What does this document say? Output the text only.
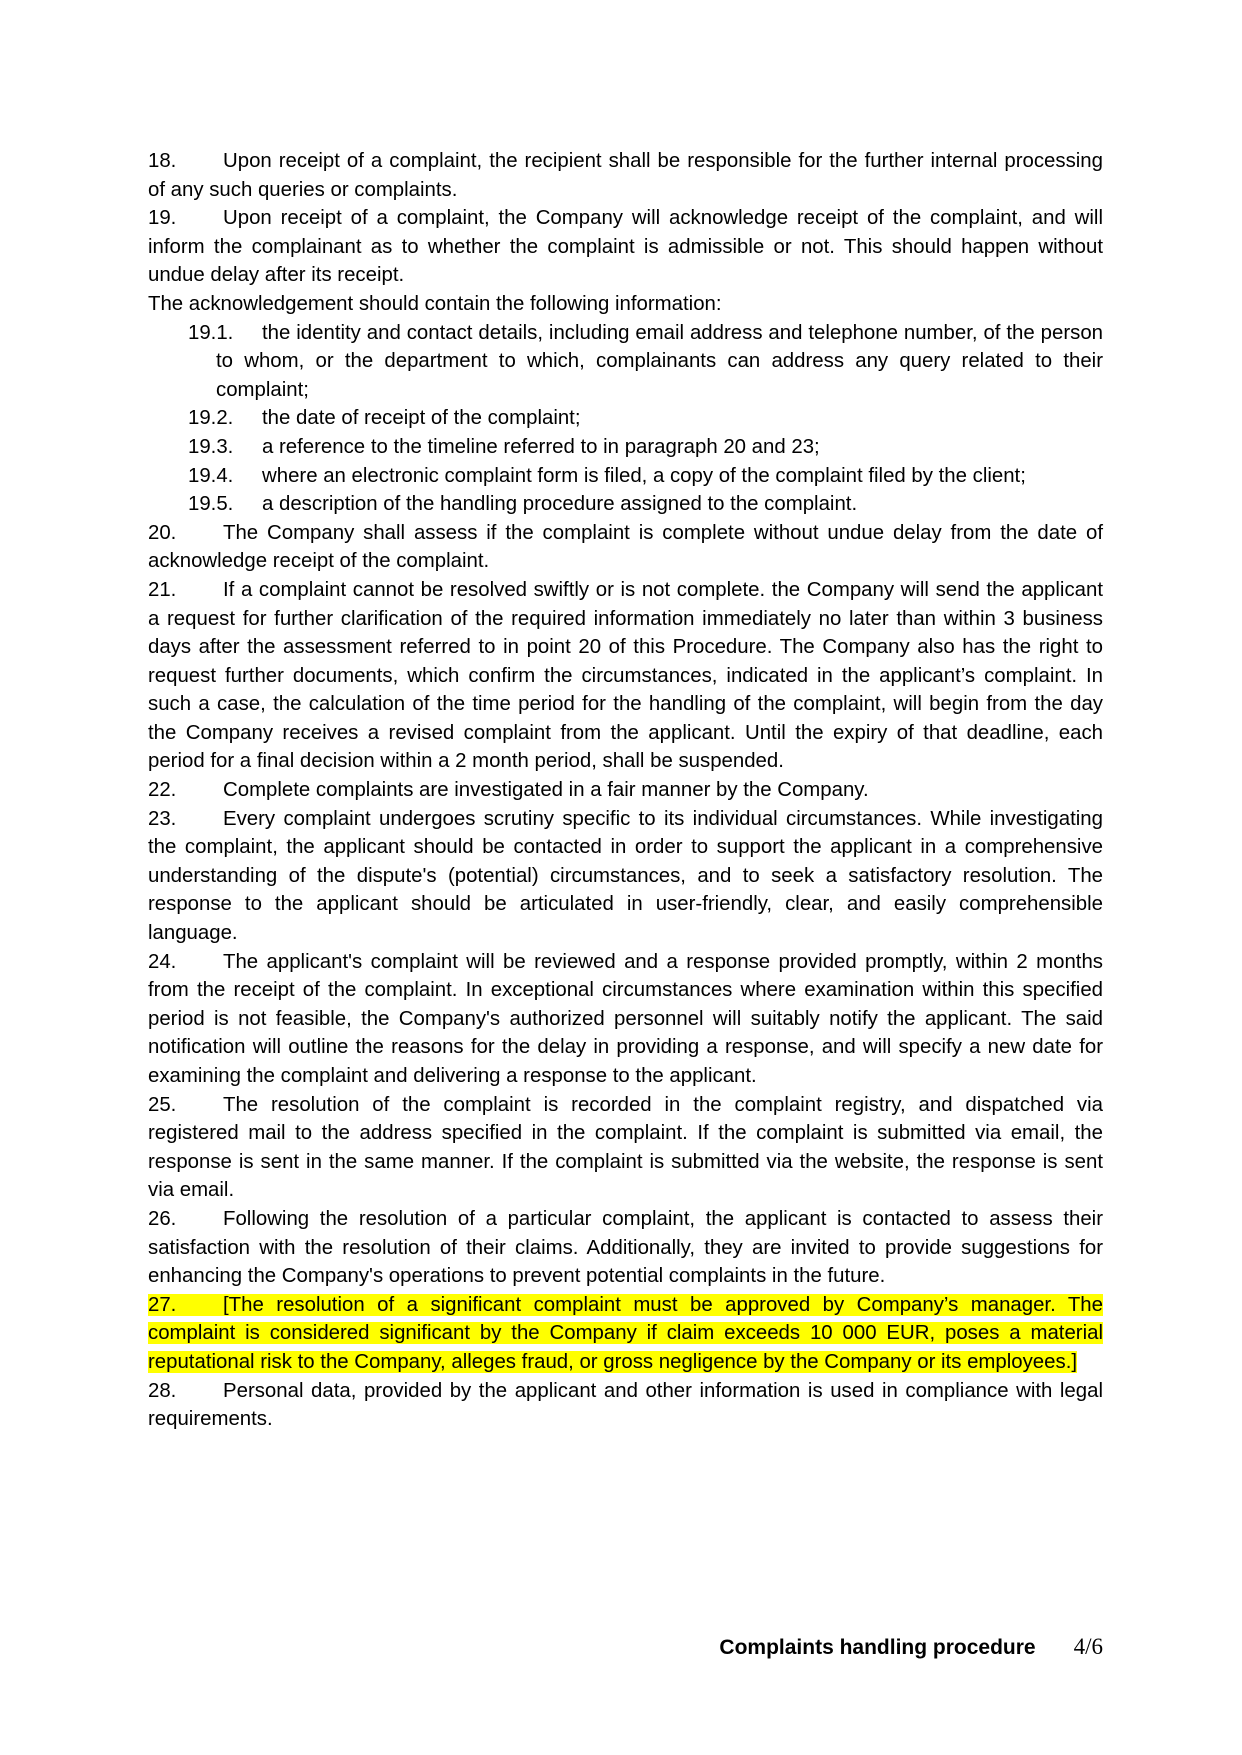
18. Upon receipt of a complaint, the recipient shall be responsible for the further internal processing of any such queries or complaints.
19. Upon receipt of a complaint, the Company will acknowledge receipt of the complaint, and will inform the complainant as to whether the complaint is admissible or not. This should happen without undue delay after its receipt.
The acknowledgement should contain the following information:
19.1. the identity and contact details, including email address and telephone number, of the person to whom, or the department to which, complainants can address any query related to their complaint;
19.2. the date of receipt of the complaint;
19.3. a reference to the timeline referred to in paragraph 20 and 23;
19.4. where an electronic complaint form is filed, a copy of the complaint filed by the client;
19.5. a description of the handling procedure assigned to the complaint.
20. The Company shall assess if the complaint is complete without undue delay from the date of acknowledge receipt of the complaint.
21. If a complaint cannot be resolved swiftly or is not complete. the Company will send the applicant a request for further clarification of the required information immediately no later than within 3 business days after the assessment referred to in point 20 of this Procedure. The Company also has the right to request further documents, which confirm the circumstances, indicated in the applicant’s complaint. In such a case, the calculation of the time period for the handling of the complaint, will begin from the day the Company receives a revised complaint from the applicant. Until the expiry of that deadline, each period for a final decision within a 2 month period, shall be suspended.
22. Complete complaints are investigated in a fair manner by the Company.
23. Every complaint undergoes scrutiny specific to its individual circumstances. While investigating the complaint, the applicant should be contacted in order to support the applicant in a comprehensive understanding of the dispute's (potential) circumstances, and to seek a satisfactory resolution. The response to the applicant should be articulated in user-friendly, clear, and easily comprehensible language.
24. The applicant's complaint will be reviewed and a response provided promptly, within 2 months from the receipt of the complaint. In exceptional circumstances where examination within this specified period is not feasible, the Company's authorized personnel will suitably notify the applicant. The said notification will outline the reasons for the delay in providing a response, and will specify a new date for examining the complaint and delivering a response to the applicant.
25. The resolution of the complaint is recorded in the complaint registry, and dispatched via registered mail to the address specified in the complaint. If the complaint is submitted via email, the response is sent in the same manner. If the complaint is submitted via the website, the response is sent via email.
26. Following the resolution of a particular complaint, the applicant is contacted to assess their satisfaction with the resolution of their claims. Additionally, they are invited to provide suggestions for enhancing the Company's operations to prevent potential complaints in the future.
27. [The resolution of a significant complaint must be approved by Company’s manager. The complaint is considered significant by the Company if claim exceeds 10 000 EUR, poses a material reputational risk to the Company, alleges fraud, or gross negligence by the Company or its employees.]
28. Personal data, provided by the applicant and other information is used in compliance with legal requirements.
Complaints handling procedure 4/6
